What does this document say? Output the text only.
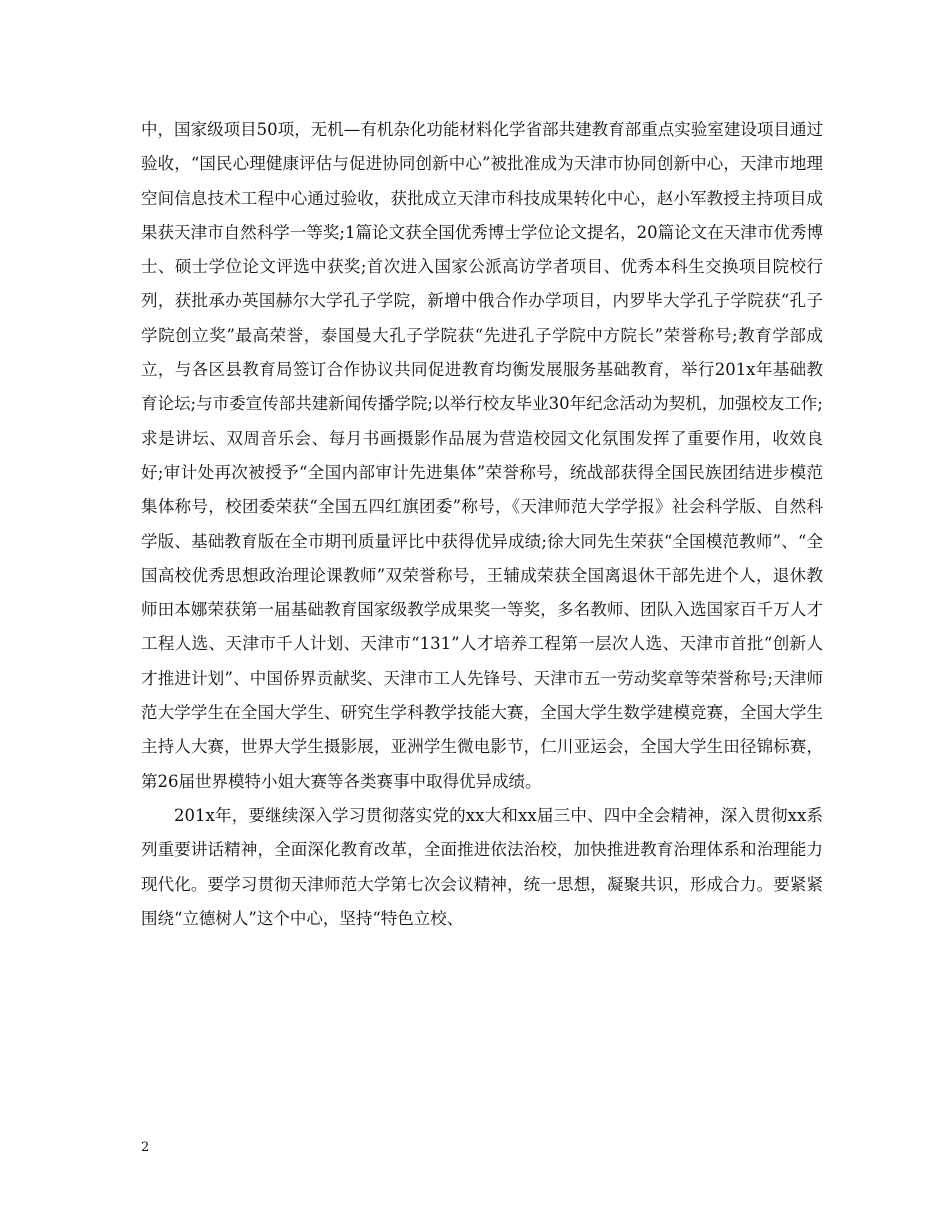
中，国家级项目50项，无机—有机杂化功能材料化学省部共建教育部重点实验室建设项目通过验收，“国民心理健康评估与促进协同创新中心”被批准成为天津市协同创新中心，天津市地理空间信息技术工程中心通过验收，获批成立天津市科技成果转化中心，赵小军教授主持项目成果获天津市自然科学一等奖;1篇论文获全国优秀博士学位论文提名，20篇论文在天津市优秀博士、硕士学位论文评选中获奖;首次进入国家公派高访学者项目、优秀本科生交换项目院校行列，获批承办英国赫尔大学孔子学院，新增中俄合作办学项目，内罗毕大学孔子学院获“孔子学院创立奖”最高荣誉，泰国曼大孔子学院获“先进孔子学院中方院长”荣誉称号;教育学部成立，与各区县教育局签订合作协议共同促进教育均衡发展服务基础教育，举行201x年基础教育论坛;与市委宣传部共建新闻传播学院;以举行校友毕业30年纪念活动为契机，加强校友工作;求是讲坛、双周音乐会、每月书画摄影作品展为营造校园文化氛围发挥了重要作用，收效良好;审计处再次被授予“全国内部审计先进集体”荣誉称号，统战部获得全国民族团结进步模范集体称号，校团委荣获“全国五四红旗团委”称号，《天津师范大学学报》社会科学版、自然科学版、基础教育版在全市期刊质量评比中获得优异成绩;徐大同先生荣获“全国模范教师”、“全国高校优秀思想政治理论课教师”双荣誉称号，王辅成荣获全国离退休干部先进个人，退休教师田本娜荣获第一届基础教育国家级教学成果奖一等奖，多名教师、团队入选国家百千万人才工程人选、天津市千人计划、天津市“131”人才培养工程第一层次人选、天津市首批“创新人才推进计划”、中国侨界贡献奖、天津市工人先锋号、天津市五一劳动奖章等荣誉称号;天津师范大学学生在全国大学生、研究生学科教学技能大赛，全国大学生数学建模竞赛，全国大学生主持人大赛，世界大学生摄影展，亚洲学生微电影节，仁川亚运会，全国大学生田径锦标赛，第26届世界模特小姐大赛等各类赛事中取得优异成绩。

201x年，要继续深入学习贯彻落实党的xx大和xx届三中、四中全会精神，深入贯彻xx系列重要讲话精神，全面深化教育改革，全面推进依法治校，加快推进教育治理体系和治理能力现代化。要学习贯彻天津师范大学第七次会议精神，统一思想，凝聚共识，形成合力。要紧紧围绕“立德树人”这个中心，坚持“特色立校、

2
